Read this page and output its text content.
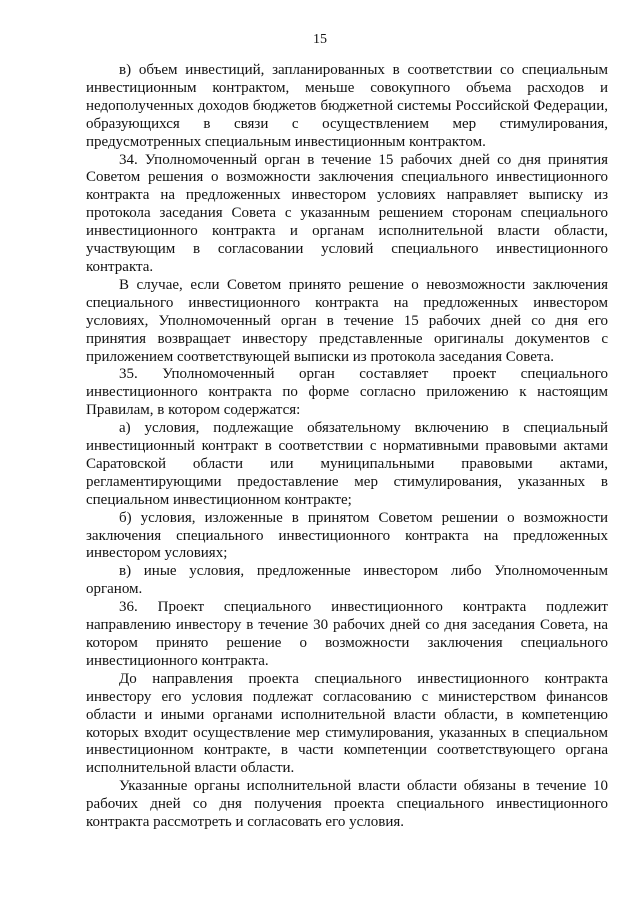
15

в) объем инвестиций, запланированных в соответствии со специальным инвестиционным контрактом, меньше совокупного объема расходов и недополученных доходов бюджетов бюджетной системы Российской Федерации, образующихся в связи с осуществлением мер стимулирования, предусмотренных специальным инвестиционным контрактом.

34. Уполномоченный орган в течение 15 рабочих дней со дня принятия Советом решения о возможности заключения специального инвестиционного контракта на предложенных инвестором условиях направляет выписку из протокола заседания Совета с указанным решением сторонам специального инвестиционного контракта и органам исполнительной власти области, участвующим в согласовании условий специального инвестиционного контракта.

В случае, если Советом принято решение о невозможности заключения специального инвестиционного контракта на предложенных инвестором условиях, Уполномоченный орган в течение 15 рабочих дней со дня его принятия возвращает инвестору представленные оригиналы документов с приложением соответствующей выписки из протокола заседания Совета.

35. Уполномоченный орган составляет проект специального инвестиционного контракта по форме согласно приложению к настоящим Правилам, в котором содержатся:

а) условия, подлежащие обязательному включению в специальный инвестиционный контракт в соответствии с нормативными правовыми актами Саратовской области или муниципальными правовыми актами, регламентирующими предоставление мер стимулирования, указанных в специальном инвестиционном контракте;

б) условия, изложенные в принятом Советом решении о возможности заключения специального инвестиционного контракта на предложенных инвестором условиях;

в) иные условия, предложенные инвестором либо Уполномоченным органом.

36. Проект специального инвестиционного контракта подлежит направлению инвестору в течение 30 рабочих дней со дня заседания Совета, на котором принято решение о возможности заключения специального инвестиционного контракта.

До направления проекта специального инвестиционного контракта инвестору его условия подлежат согласованию с министерством финансов области и иными органами исполнительной власти области, в компетенцию которых входит осуществление мер стимулирования, указанных в специальном инвестиционном контракте, в части компетенции соответствующего органа исполнительной власти области.

Указанные органы исполнительной власти области обязаны в течение 10 рабочих дней со дня получения проекта специального инвестиционного контракта рассмотреть и согласовать его условия.
